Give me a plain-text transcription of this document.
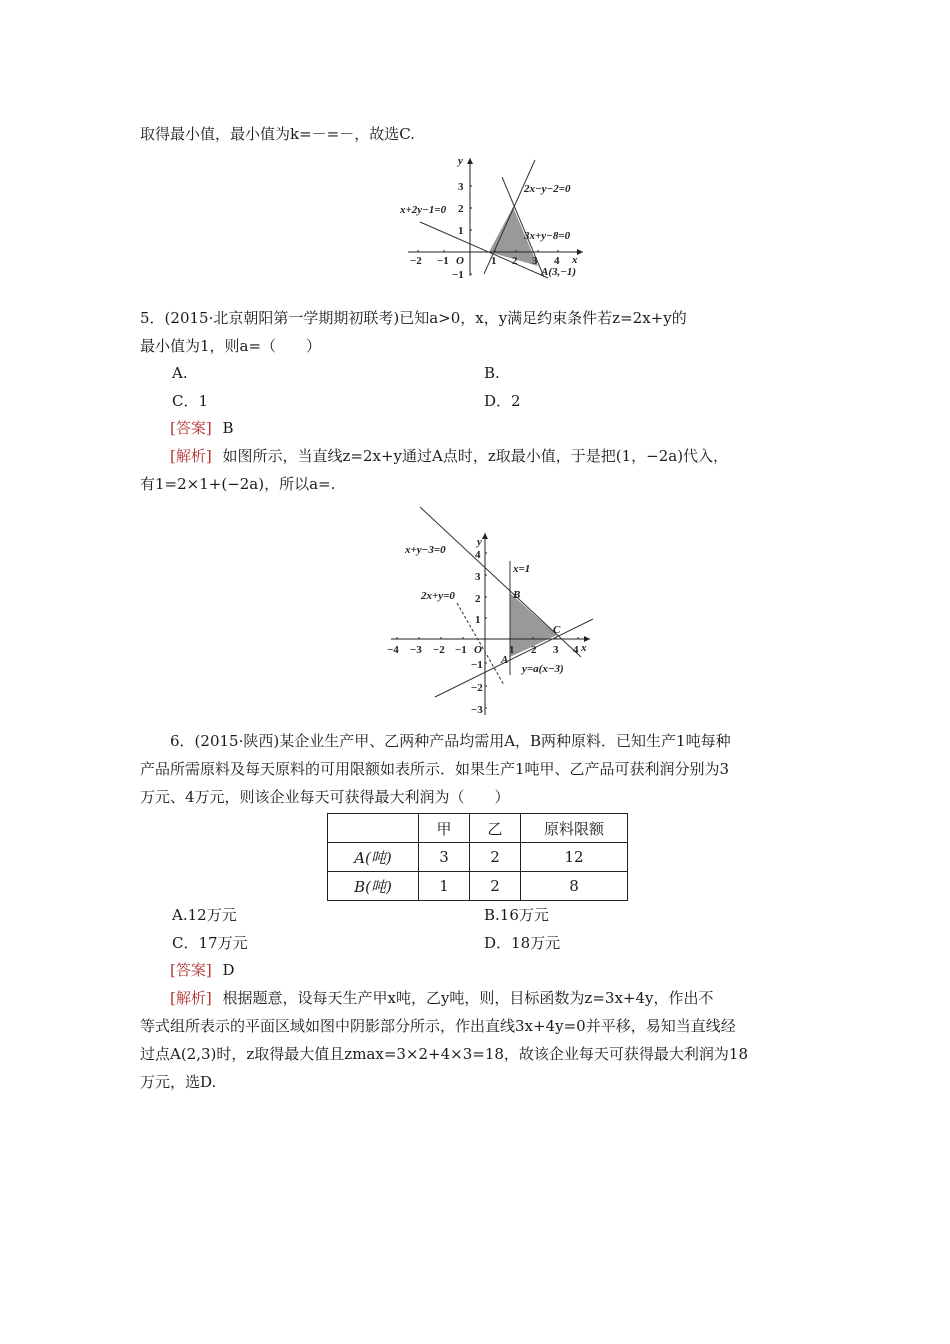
取得最小值，最小值为k=－=－，故选C.
−2 −1 O 1 2 3 4 x
y
3
2
1
−1
2x−y−2=0
x+2y−1=0
3x+y−8=0
A(3,−1)
5．(2015·北京朝阳第一学期期初联考)已知a>0，x，y满足约束条件若z=2x+y的
最小值为1，则a=（　　）
A.	B.
C．1	D．2
[答案] B
[解析] 如图所示，当直线z=2x+y通过A点时，z取最小值，于是把(1，−2a)代入，
有1=2×1+(−2a)，所以a=.
−4 −3 −2 −1 O 1 2 3 4 x
y
4
3
2
1
−1
−2
−3
x+y−3=0
x=1
2x+y=0
y=a(x−3)
A
B
C
6．(2015·陕西)某企业生产甲、乙两种产品均需用A，B两种原料．已知生产1吨每种
产品所需原料及每天原料的可用限额如表所示．如果生产1吨甲、乙产品可获利润分别为3
万元、4万元，则该企业每天可获得最大利润为（　　）
	甲	乙	原料限额
A(吨)	3	2	12
B(吨)	1	2	8
A.12万元	B.16万元
C．17万元	D．18万元
[答案] D
[解析] 根据题意，设每天生产甲x吨，乙y吨，则，目标函数为z=3x+4y，作出不
等式组所表示的平面区域如图中阴影部分所示，作出直线3x+4y=0并平移，易知当直线经
过点A(2,3)时，z取得最大值且zmax=3×2+4×3=18，故该企业每天可获得最大利润为18
万元，选D.
